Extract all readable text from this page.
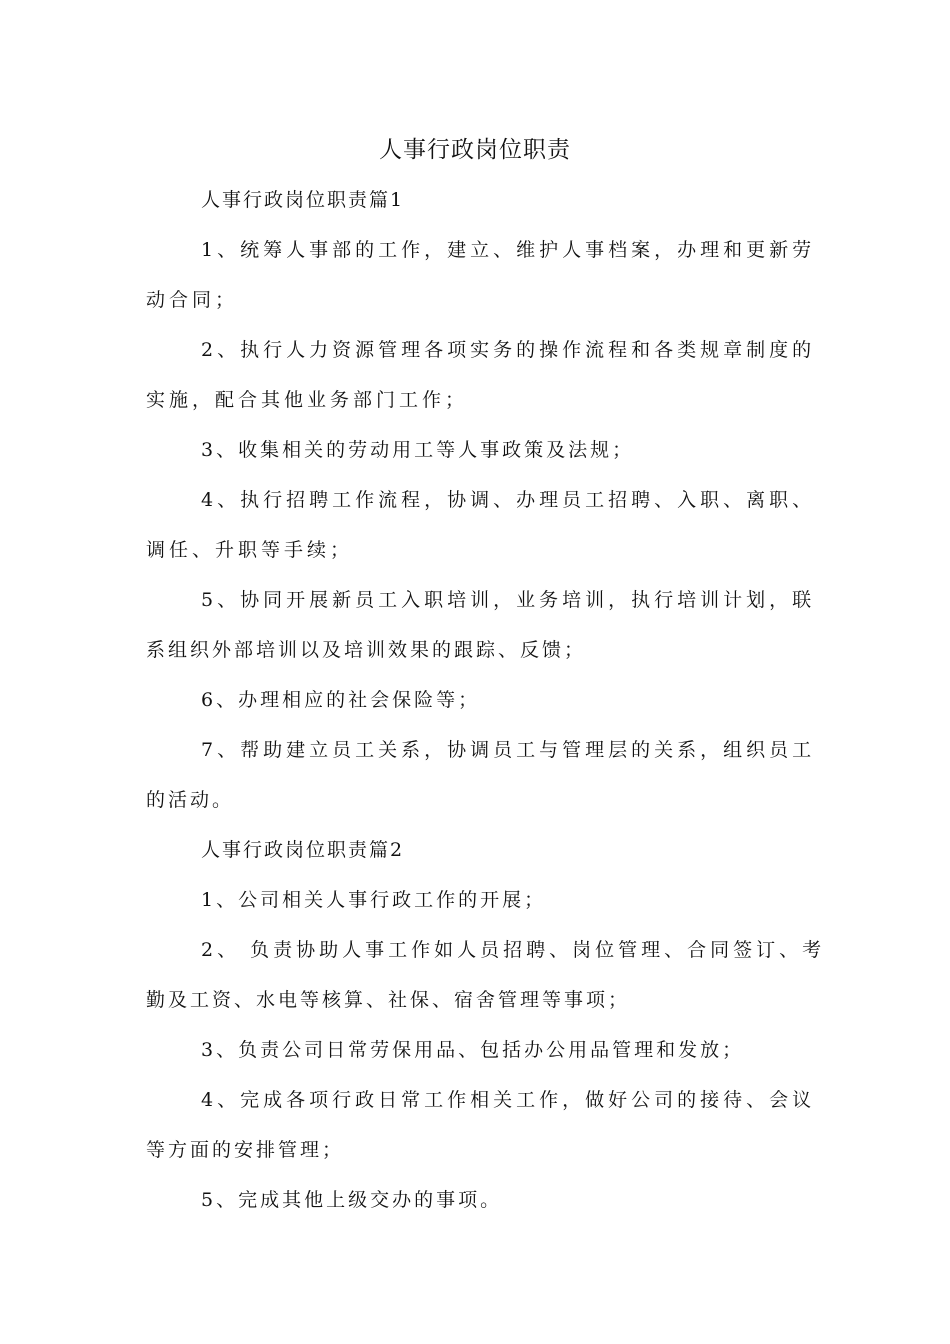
人事行政岗位职责
人事行政岗位职责篇1
1、统筹人事部的工作，建立、维护人事档案，办理和更新劳
动合同；
2、执行人力资源管理各项实务的操作流程和各类规章制度的
实施，配合其他业务部门工作；
3、收集相关的劳动用工等人事政策及法规；
4、执行招聘工作流程，协调、办理员工招聘、入职、离职、
调任、升职等手续；
5、协同开展新员工入职培训，业务培训，执行培训计划，联
系组织外部培训以及培训效果的跟踪、反馈；
6、办理相应的社会保险等；
7、帮助建立员工关系，协调员工与管理层的关系，组织员工
的活动。
人事行政岗位职责篇2
1、公司相关人事行政工作的开展；
2、 负责协助人事工作如人员招聘、岗位管理、合同签订、考
勤及工资、水电等核算、社保、宿舍管理等事项；
3、负责公司日常劳保用品、包括办公用品管理和发放；
4、完成各项行政日常工作相关工作，做好公司的接待、会议
等方面的安排管理；
5、完成其他上级交办的事项。
